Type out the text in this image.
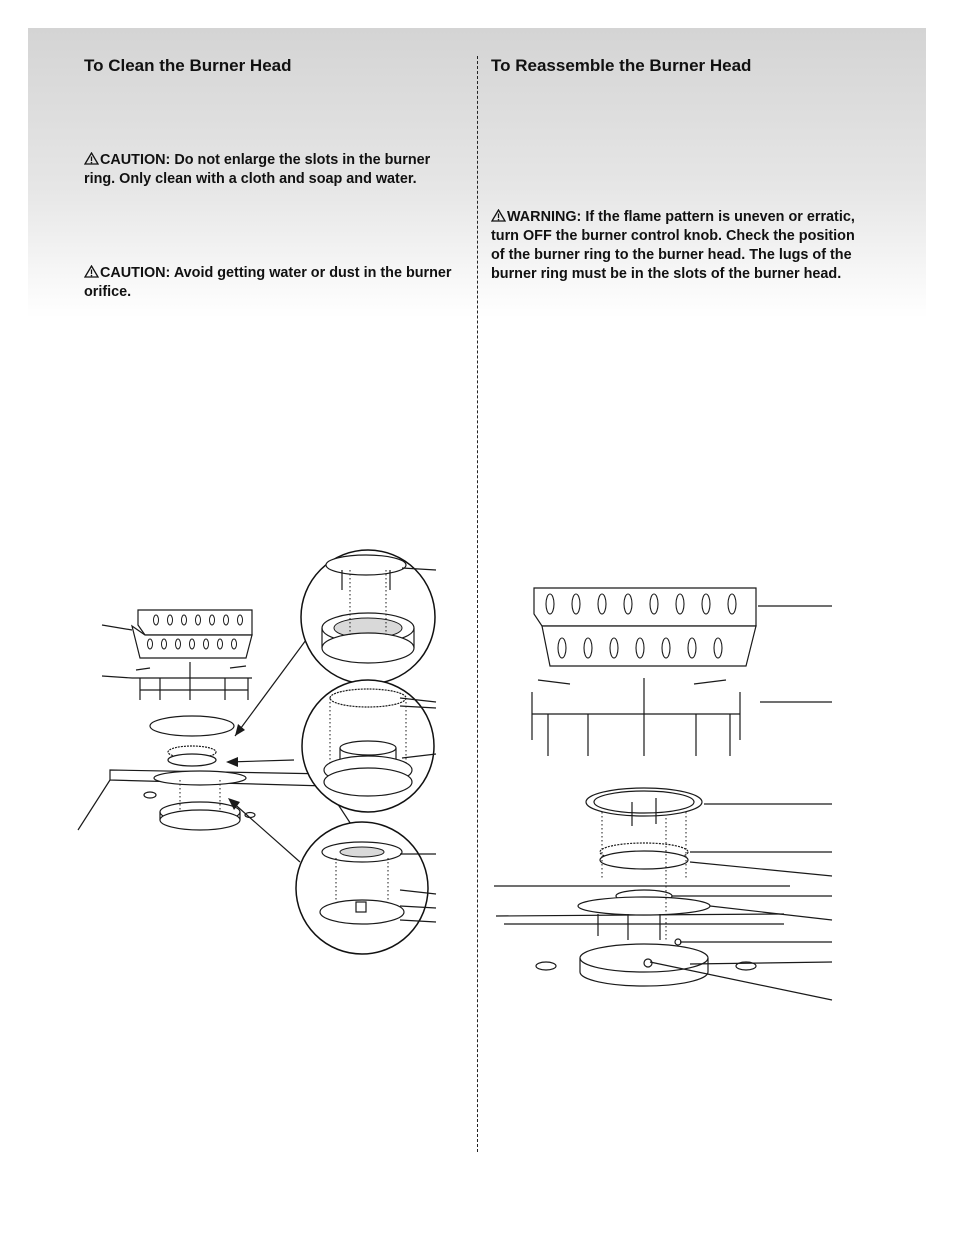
To Clean the Burner Head

CAUTION: Do not enlarge the slots in the burner ring. Only clean with a cloth and soap and water.

CAUTION: Avoid getting water or dust in the burner orifice.

To Reassemble the Burner Head

WARNING: If the flame pattern is uneven or erratic, turn OFF the burner control knob. Check the position of the burner ring to the burner head. The lugs of the burner ring must be in the slots of the burner head.
